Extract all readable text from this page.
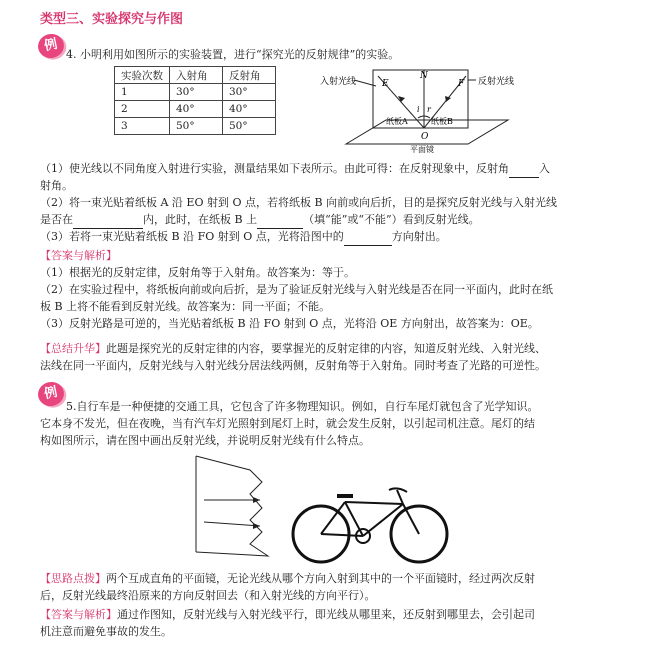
类型三、实验探究与作图
例
4. 小明利用如图所示的实验装置，进行“探究光的反射规律”的实验。
实验次数	入射角	反射角
1	30°	30°
2	40°	40°
3	50°	50°
入射光线	反射光线
E
N
F
i r
O
纸板A	纸板B
平面镜
（1）使光线以不同角度入射进行实验，测量结果如下表所示。由此可得：在反射现象中，反射角	入
射角。
（2）将一束光贴着纸板 A 沿 EO 射到 O 点，若将纸板 B 向前或向后折，目的是探究反射光线与入射光线
是否在	内，此时，在纸板 B 上	（填“能”或“不能”）看到反射光线。
（3）若将一束光贴着纸板 B 沿 FO 射到 O 点，光将沿图中的	方向射出。
【答案与解析】
（1）根据光的反射定律，反射角等于入射角。故答案为：等于。
（2）在实验过程中，将纸板向前或向后折，是为了验证反射光线与入射光线是否在同一平面内，此时在纸
板 B 上将不能看到反射光线。故答案为：同一平面；不能。
（3）反射光路是可逆的，当光贴着纸板 B 沿 FO 射到 O 点，光将沿 OE 方向射出，故答案为：OE。
【总结升华】此题是探究光的反射定律的内容，要掌握光的反射定律的内容，知道反射光线、入射光线、
法线在同一平面内，反射光线与入射光线分居法线两侧，反射角等于入射角。同时考查了光路的可逆性。
例
5.自行车是一种便捷的交通工具，它包含了许多物理知识。例如，自行车尾灯就包含了光学知识。
它本身不发光，但在夜晚，当有汽车灯光照射到尾灯上时，就会发生反射，以引起司机注意。尾灯的结
构如图所示，请在图中画出反射光线，并说明反射光线有什么特点。
【思路点拨】两个互成直角的平面镜，无论光线从哪个方向入射到其中的一个平面镜时，经过两次反射
后，反射光线最终沿原来的方向反射回去（和入射光线的方向平行）。
【答案与解析】通过作图知，反射光线与入射光线平行，即光线从哪里来，还反射到哪里去，会引起司
机注意而避免事故的发生。
